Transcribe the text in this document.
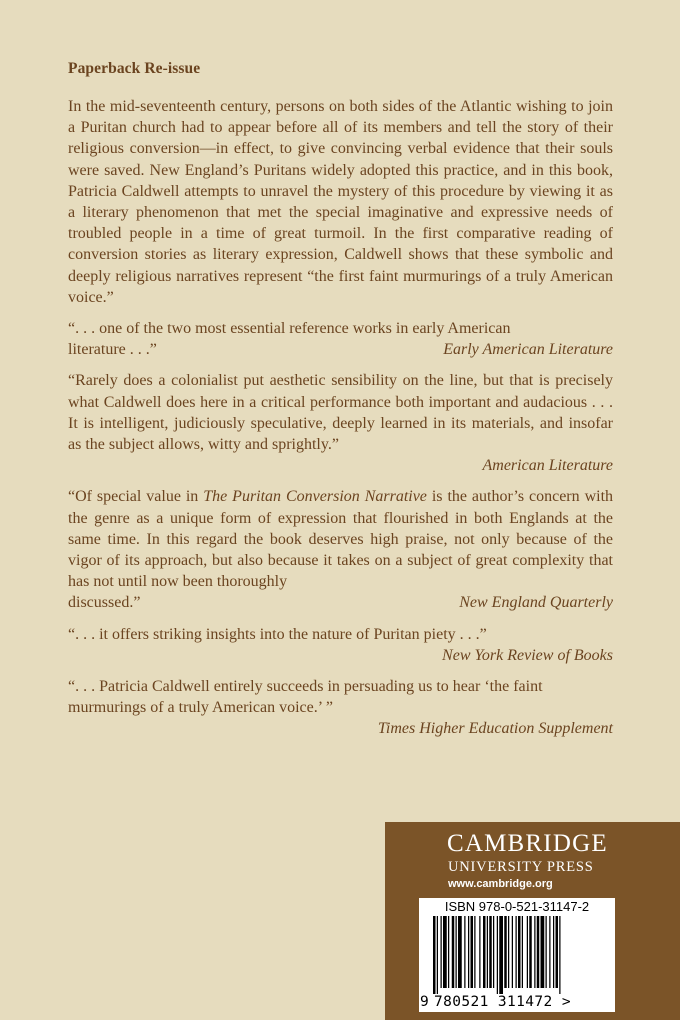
Paperback Re-issue

In the mid-seventeenth century, persons on both sides of the Atlantic wishing to join a Puritan church had to appear before all of its members and tell the story of their religious conversion—in effect, to give convincing verbal evidence that their souls were saved. New England’s Puritans widely adopted this practice, and in this book, Patricia Caldwell attempts to unravel the mystery of this procedure by viewing it as a literary phenomenon that met the special imaginative and expressive needs of troubled people in a time of great turmoil. In the first comparative reading of conversion stories as literary expression, Caldwell shows that these symbolic and deeply religious narratives represent “the first faint murmurings of a truly American voice.”

“. . . one of the two most essential reference works in early American

literature . . .”	Early American Literature

“Rarely does a colonialist put aesthetic sensibility on the line, but that is precisely what Caldwell does here in a critical performance both important and audacious . . . It is intelligent, judiciously speculative, deeply learned in its materials, and insofar as the subject allows, witty and sprightly.”

American Literature

“Of special value in The Puritan Conversion Narrative is the author’s concern with the genre as a unique form of expression that flourished in both Englands at the same time. In this regard the book deserves high praise, not only because of the vigor of its approach, but also because it takes on a subject of great complexity that has not until now been thoroughly

discussed.”	New England Quarterly

“. . . it offers striking insights into the nature of Puritan piety . . .”

New York Review of Books

“. . . Patricia Caldwell entirely succeeds in persuading us to hear ‘the faint murmurings of a truly American voice.’ ”

Times Higher Education Supplement

CAMBRIDGE

UNIVERSITY PRESS

www.cambridge.org

ISBN 978-0-521-31147-2
9 780521 311472 >
